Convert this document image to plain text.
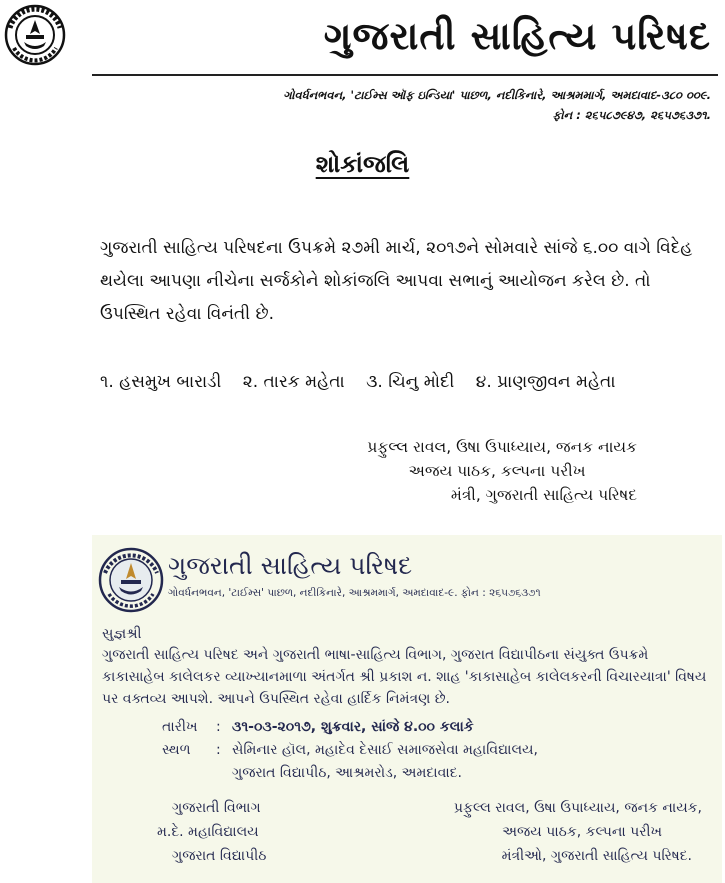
ગુજરાતી સાહિત્ય પરિષદ
ગોવર્ધનભવન, 'ટાઈમ્સ ઑફ ઇન્ડિયા' પાછળ, નદીકિનારે, આશ્રમમાર્ગ, અમદાવાદ-૩૮૦ ૦૦૯.
ફોન : ૨૬૫૮૭૯૪૭, ૨૬૫૭૬૩૭૧.
શોકાંજલિ
ગુજરાતી સાહિત્ય પરિષદના ઉપક્રમે ૨૭મી માર્ચ, ૨૦૧૭ને સોમવારે સાંજે ૬.૦૦ વાગે વિદેહ થયેલા આપણા નીચેના સર્જકોને શોકાંજલિ આપવા સભાનું આયોજન કરેલ છે. તો ઉપસ્થિત રહેવા વિનંતી છે.
૧. હસમુખ બારાડી ૨. તારક મહેતા ૩. ચિનુ મોદી ૪. પ્રાણજીવન મહેતા
પ્રફુલ્લ રાવલ, ઉષા ઉપાધ્યાય, જનક નાયક
અજય પાઠક, કલ્પના પરીખ
મંત્રી, ગુજરાતી સાહિત્ય પરિષદ
ગુજરાતી સાહિત્ય પરિષદ
ગોવર્ધનભવન, 'ટાઈમ્સ' પાછળ, નદીકિનારે, આશ્રમમાર્ગ, અમદાવાદ-૯. ફોન : ૨૬૫૭૬૩૭૧
સુજ્ઞશ્રી
ગુજરાતી સાહિત્ય પરિષદ અને ગુજરાતી ભાષા-સાહિત્ય વિભાગ, ગુજરાત વિદ્યાપીઠના સંયુક્ત ઉપક્રમે કાકાસાહેબ કાલેલકર વ્યાખ્યાનમાળા અંતર્ગત શ્રી પ્રકાશ ન. શાહ 'કાકાસાહેબ કાલેલકરની વિચારયાત્રા' વિષય પર વક્તવ્ય આપશે. આપને ઉપસ્થિત રહેવા હાર્દિક નિમંત્રણ છે.
તારીખ : ૩૧-૦૩-૨૦૧૭, શુક્રવાર, સાંજે ૪.૦૦ કલાકે
સ્થળ : સેમિનાર હૉલ, મહાદેવ દેસાઈ સમાજસેવા મહાવિદ્યાલય,
ગુજરાત વિદ્યાપીઠ, આશ્રમરોડ, અમદાવાદ.
ગુજરાતી વિભાગ
મ.દે. મહાવિદ્યાલય
ગુજરાત વિદ્યાપીઠ
પ્રફુલ્લ રાવલ, ઉષા ઉપાધ્યાય, જનક નાયક,
અજય પાઠક, કલ્પના પરીખ
મંત્રીઓ, ગુજરાતી સાહિત્ય પરિષદ.
